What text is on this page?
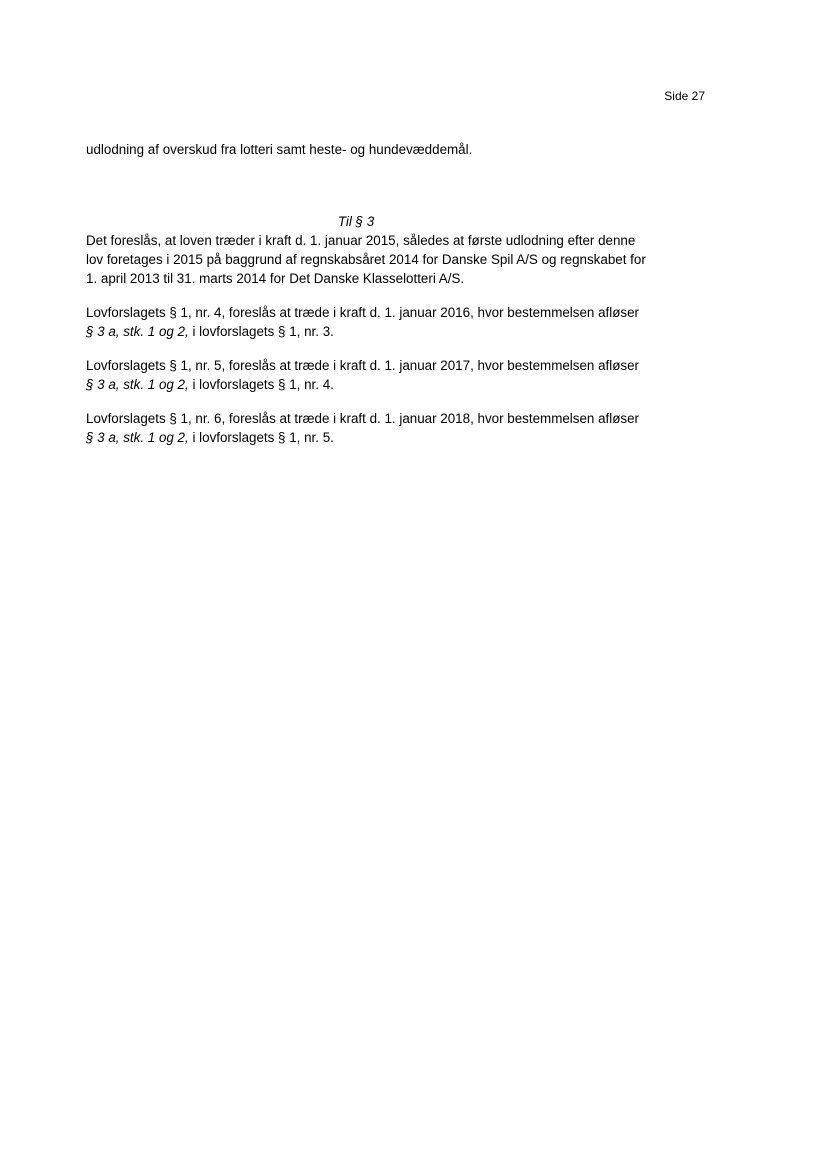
Side 27

udlodning af overskud fra lotteri samt heste- og hundevæddemål.

Til § 3

Det foreslås, at loven træder i kraft d. 1. januar 2015, således at første udlodning efter denne lov foretages i 2015 på baggrund af regnskabsåret 2014 for Danske Spil A/S og regnskabet for 1. april 2013 til 31. marts 2014 for Det Danske Klasselotteri A/S.

Lovforslagets § 1, nr. 4, foreslås at træde i kraft d. 1. januar 2016, hvor bestemmelsen afløser § 3 a, stk. 1 og 2, i lovforslagets § 1, nr. 3.

Lovforslagets § 1, nr. 5, foreslås at træde i kraft d. 1. januar 2017, hvor bestemmelsen afløser § 3 a, stk. 1 og 2, i lovforslagets § 1, nr. 4.

Lovforslagets § 1, nr. 6, foreslås at træde i kraft d. 1. januar 2018, hvor bestemmelsen afløser § 3 a, stk. 1 og 2, i lovforslagets § 1, nr. 5.
